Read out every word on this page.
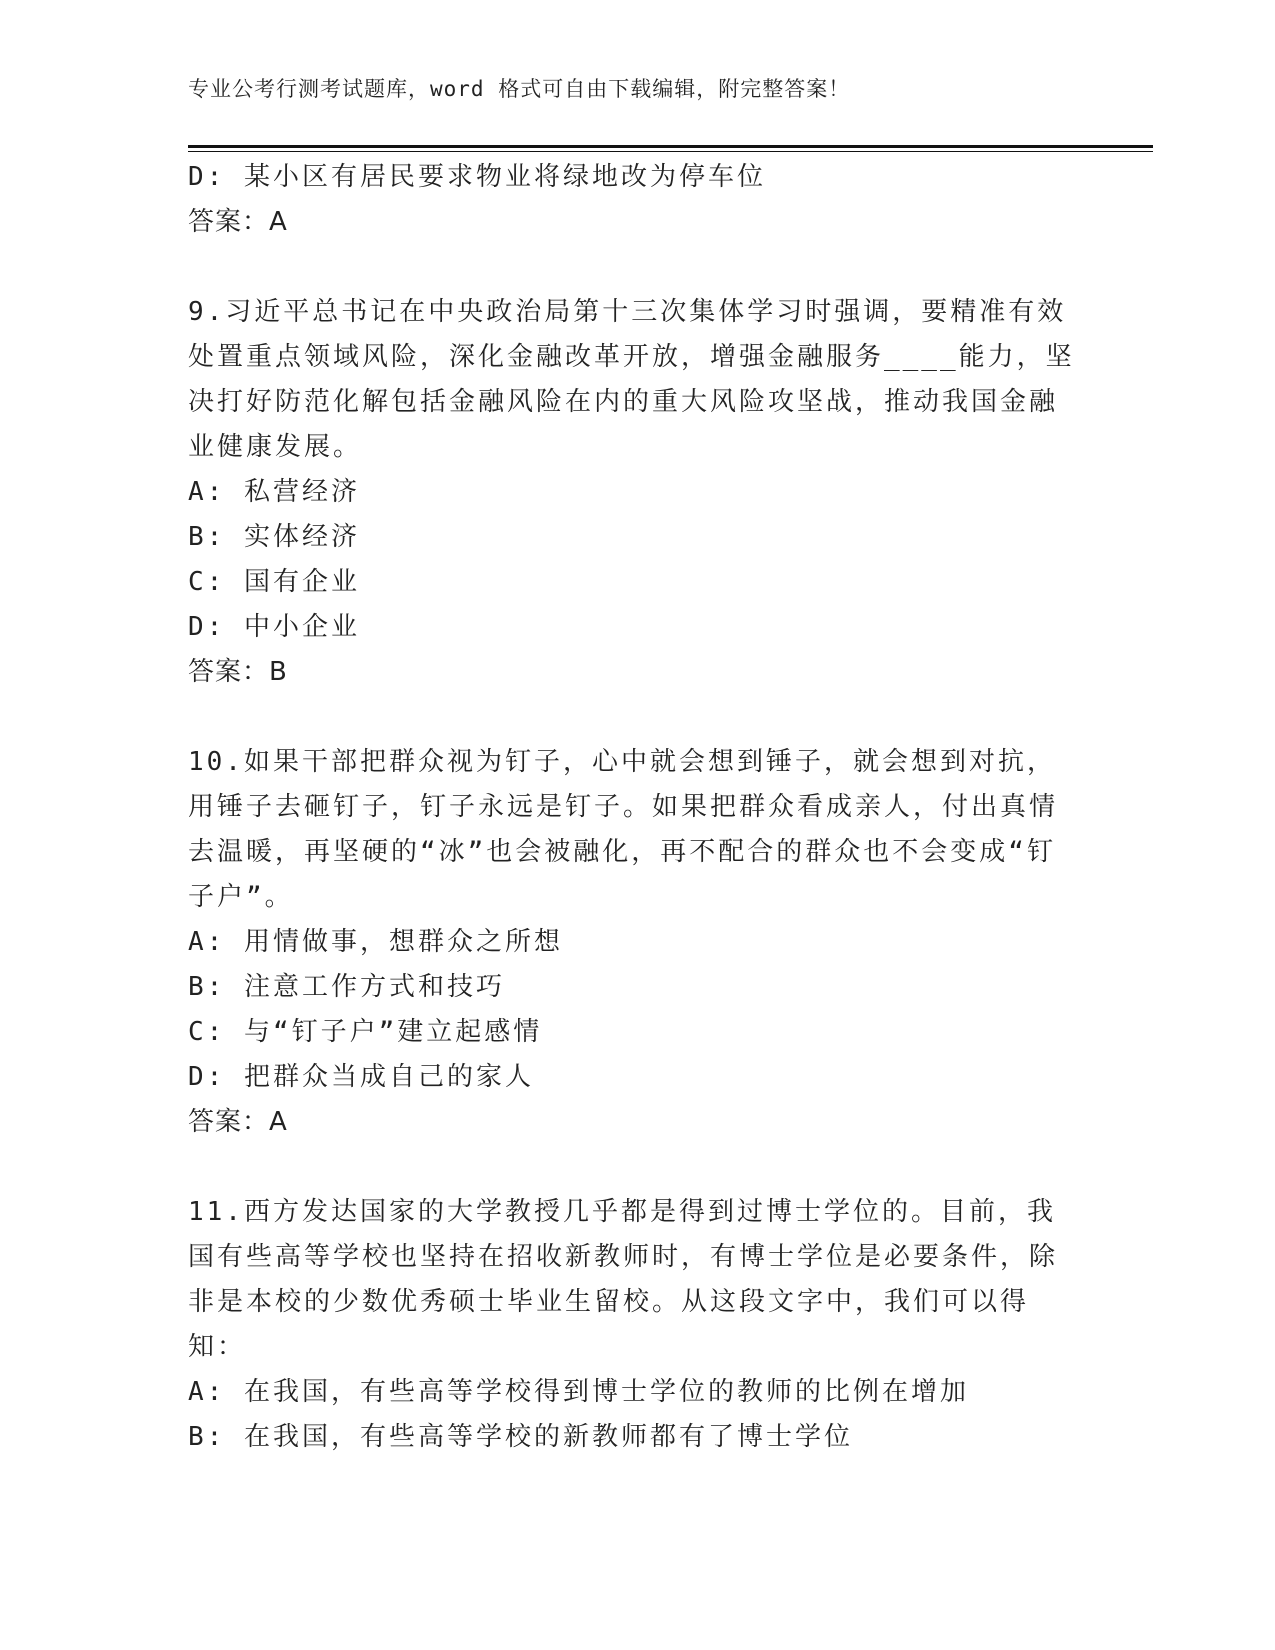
专业公考行测考试题库，word 格式可自由下载编辑，附完整答案！

D: 某小区有居民要求物业将绿地改为停车位

答案：A

9.习近平总书记在中央政治局第十三次集体学习时强调，要精准有效处置重点领域风险，深化金融改革开放，增强金融服务____能力，坚决打好防范化解包括金融风险在内的重大风险攻坚战，推动我国金融业健康发展。

A: 私营经济

B: 实体经济

C: 国有企业

D: 中小企业

答案：B

10.如果干部把群众视为钉子，心中就会想到锤子，就会想到对抗，用锤子去砸钉子，钉子永远是钉子。如果把群众看成亲人，付出真情去温暖，再坚硬的“冰”也会被融化，再不配合的群众也不会变成“钉子户”。

A: 用情做事，想群众之所想

B: 注意工作方式和技巧

C: 与“钉子户”建立起感情

D: 把群众当成自己的家人

答案：A

11.西方发达国家的大学教授几乎都是得到过博士学位的。目前，我国有些高等学校也坚持在招收新教师时，有博士学位是必要条件，除非是本校的少数优秀硕士毕业生留校。从这段文字中，我们可以得知：

A: 在我国，有些高等学校得到博士学位的教师的比例在增加

B: 在我国，有些高等学校的新教师都有了博士学位
